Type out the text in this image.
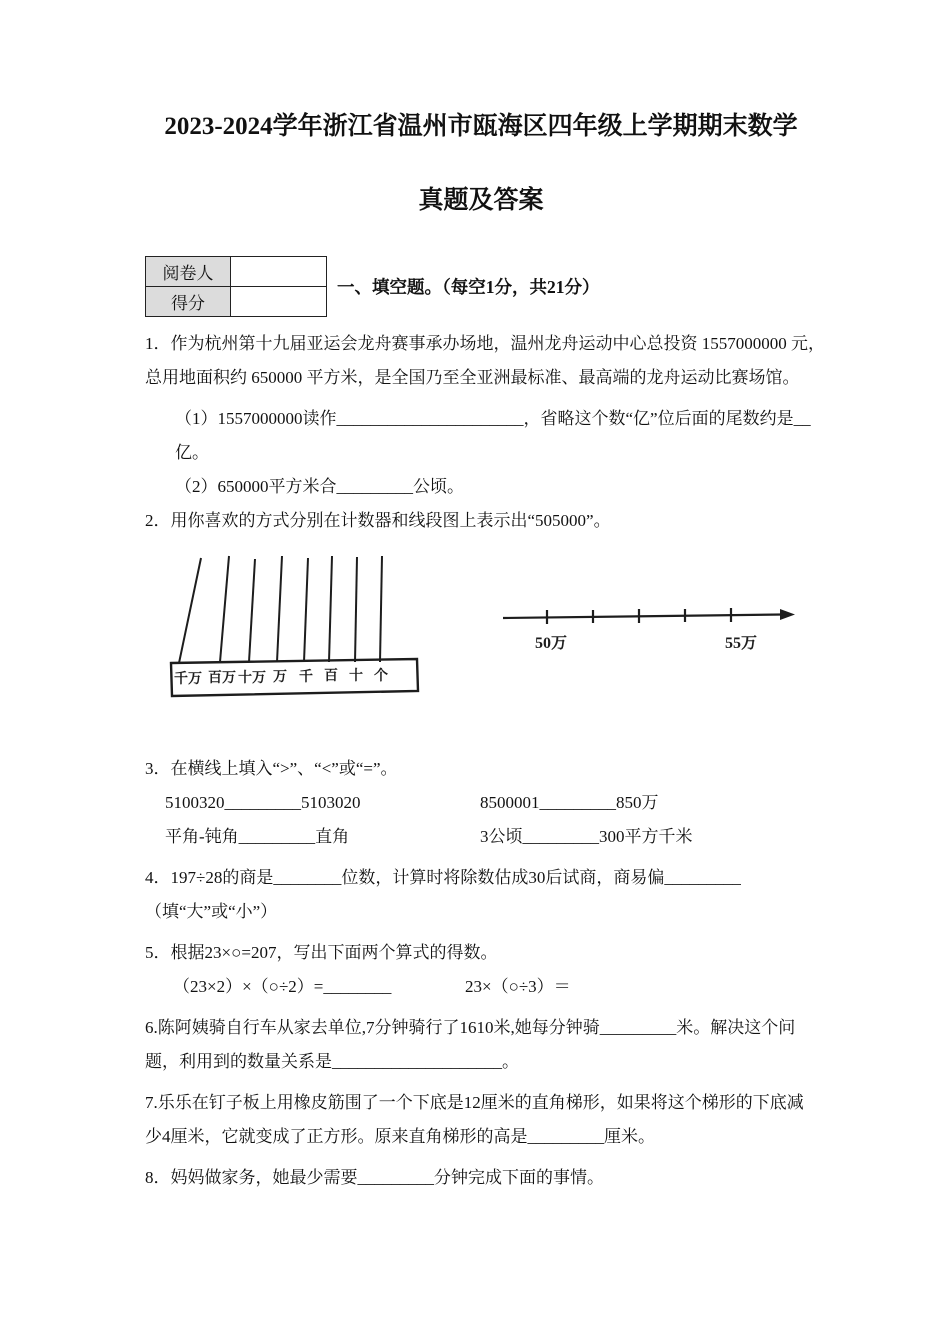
2023-2024学年浙江省温州市瓯海区四年级上学期期末数学
真题及答案
阅卷人	
得分	
一、填空题。（每空1分，共21分）
1．作为杭州第十九届亚运会龙舟赛事承办场地，温州龙舟运动中心总投资 1557000000 元，
总用地面积约 650000 平方米，是全国乃至全亚洲最标准、最高端的龙舟运动比赛场馆。
（1）1557000000读作______________________，省略这个数“亿”位后面的尾数约是__
亿。
（2）650000平方米合_________公顷。
2．用你喜欢的方式分别在计数器和线段图上表示出“505000”。
千万 百万 十万 万 千 百 十 个
50万	55万
3．在横线上填入“>”、“<”或“=”。
5100320_________5103020	8500001_________850万
平角-钝角_________直角	3公顷_________300平方千米
4．197÷28的商是________位数，计算时将除数估成30后试商，商易偏_________
（填“大”或“小”）
5．根据23×○=207，写出下面两个算式的得数。
（23×2）×（○÷2）=________	23×（○÷3）＝
6.陈阿姨骑自行车从家去单位,7分钟骑行了1610米,她每分钟骑_________米。解决这个问
题，利用到的数量关系是____________________。
7.乐乐在钉子板上用橡皮筋围了一个下底是12厘米的直角梯形，如果将这个梯形的下底减
少4厘米，它就变成了正方形。原来直角梯形的高是_________厘米。
8．妈妈做家务，她最少需要_________分钟完成下面的事情。
